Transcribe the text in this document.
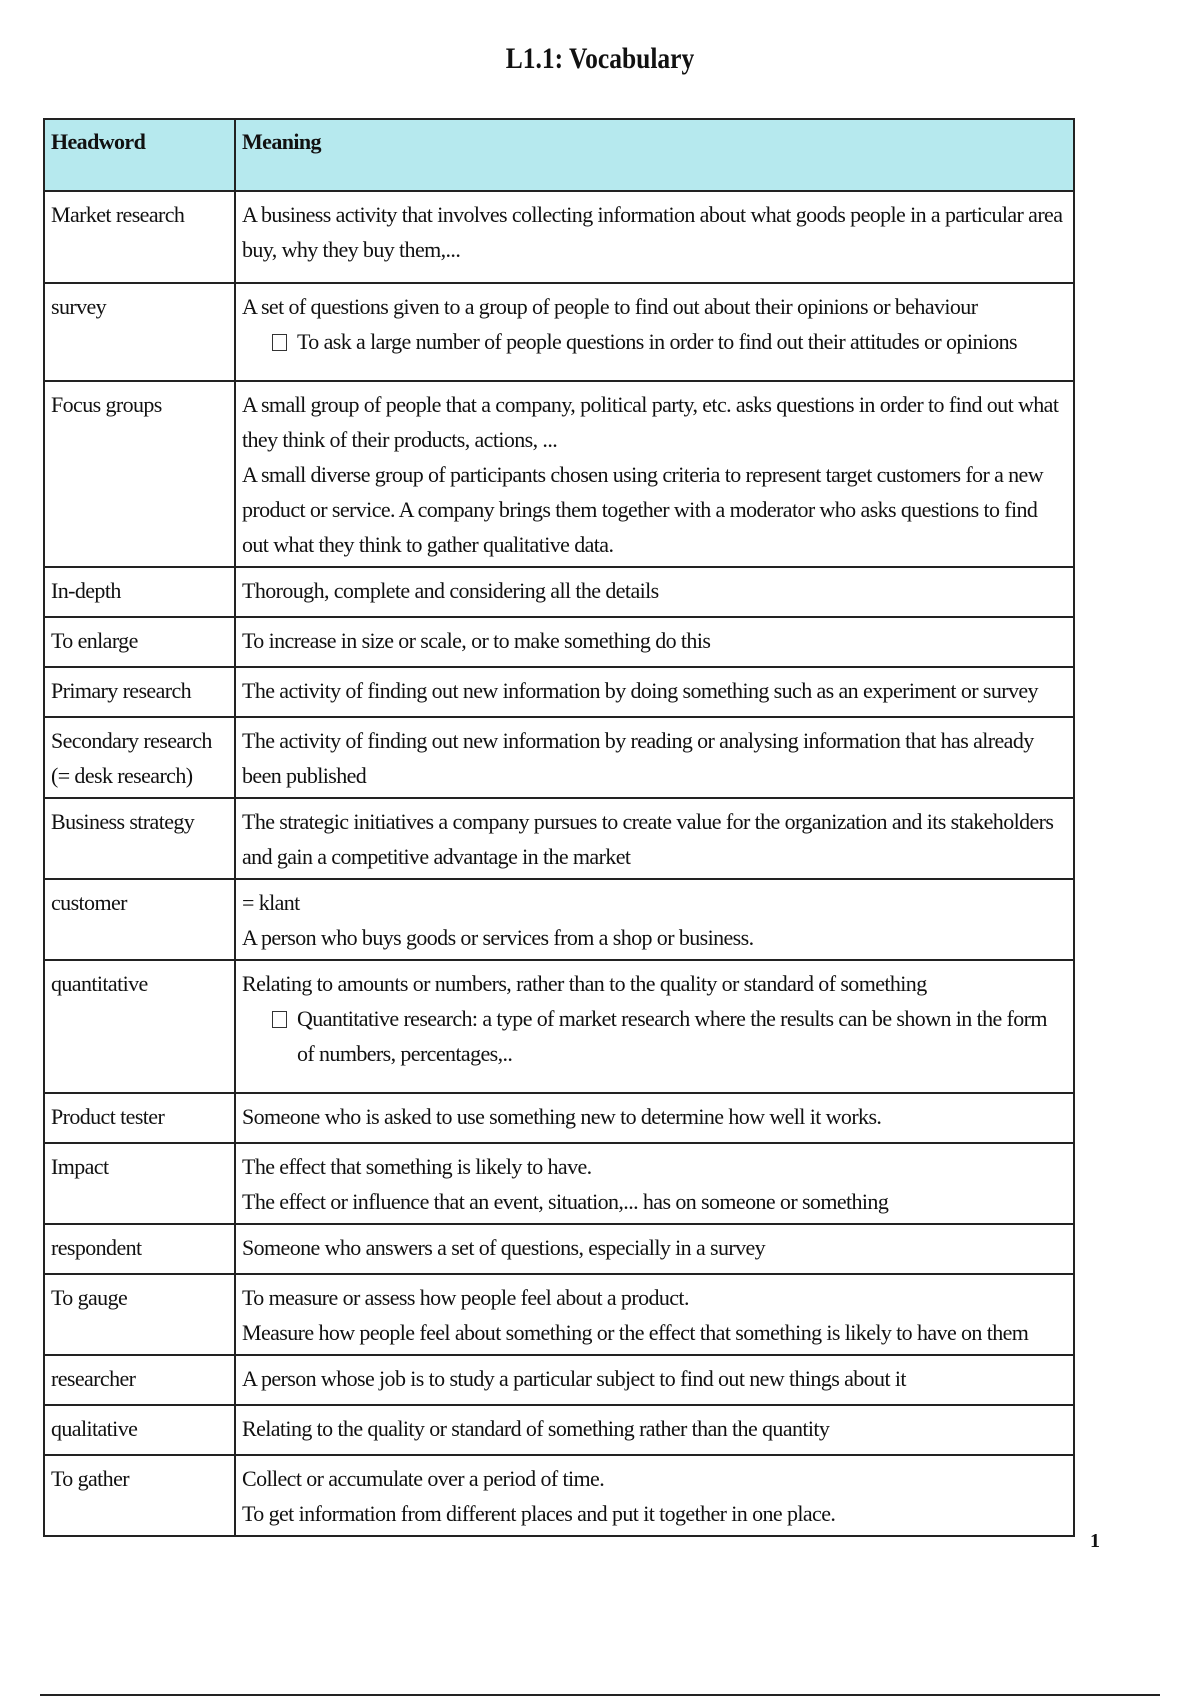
L1.1: Vocabulary
Headword	Meaning
Market research	A business activity that involves collecting information about what goods people in a particular area buy, why they buy them,...

survey	A set of questions given to a group of people to find out about their opinions or behaviour
To ask a large number of people questions in order to find out their attitudes or opinions

Focus groups	A small group of people that a company, political party, etc. asks questions in order to find out what they think of their products, actions, ...
A small diverse group of participants chosen using criteria to represent target customers for a new product or service. A company brings them together with a moderator who asks questions to find out what they think to gather qualitative data.

In-depth	Thorough, complete and considering all the details

To enlarge	To increase in size or scale, or to make something do this

Primary research	The activity of finding out new information by doing something such as an experiment or survey

Secondary research (= desk research)	The activity of finding out new information by reading or analysing information that has already been published

Business strategy	The strategic initiatives a company pursues to create value for the organization and its stakeholders and gain a competitive advantage in the market

customer	= klant
A person who buys goods or services from a shop or business.

quantitative	Relating to amounts or numbers, rather than to the quality or standard of something
Quantitative research: a type of market research where the results can be shown in the form of numbers, percentages,..

Product tester	Someone who is asked to use something new to determine how well it works.

Impact	The effect that something is likely to have.
The effect or influence that an event, situation,... has on someone or something

respondent	Someone who answers a set of questions, especially in a survey

To gauge	To measure or assess how people feel about a product.
Measure how people feel about something or the effect that something is likely to have on them

researcher	A person whose job is to study a particular subject to find out new things about it

qualitative	Relating to the quality or standard of something rather than the quantity

To gather	Collect or accumulate over a period of time.
To get information from different places and put it together in one place.
1
